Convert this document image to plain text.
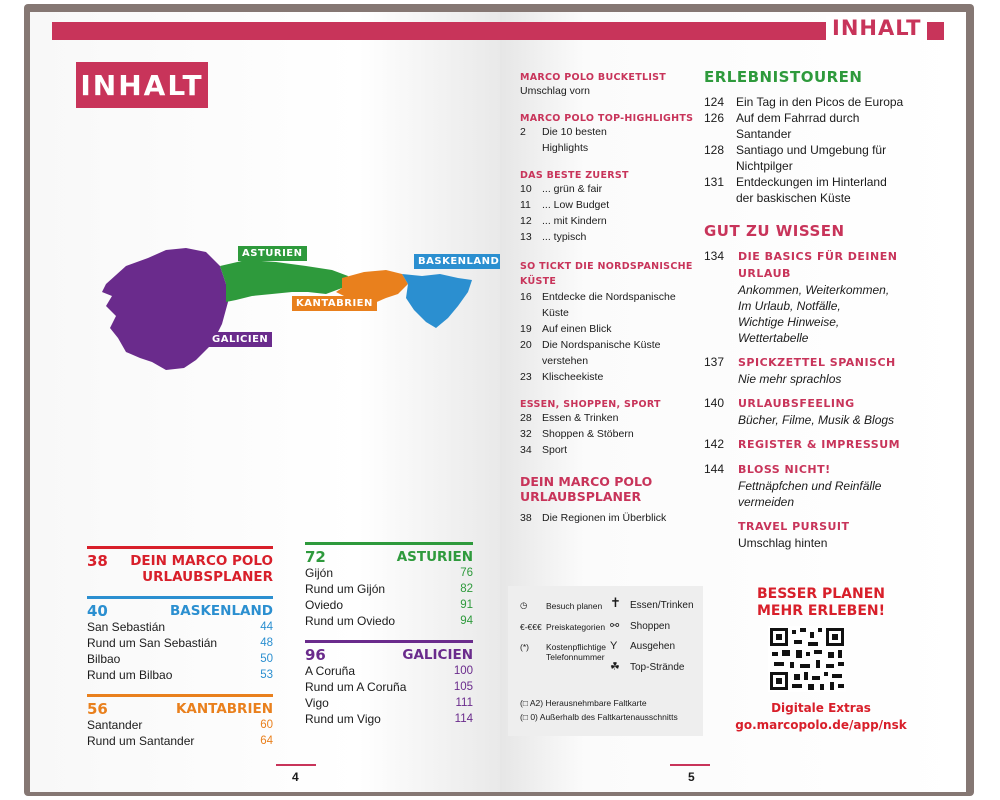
INHALT
ASTURIEN
BASKENLAND
KANTABRIEN
GALICIEN
38 DEIN MARCO POLO
URLAUBSPLANER
40	BASKENLAND
San Sebastián	44
Rund um San Sebastián	48
Bilbao	50
Rund um Bilbao	53
56	KANTABRIEN
Santander	60
Rund um Santander	64
72	ASTURIEN
Gijón	76
Rund um Gijón	82
Oviedo	91
Rund um Oviedo	94
96	GALICIEN
A Coruña	100
Rund um A Coruña	105
Vigo	111
Rund um Vigo	114
4
INHALT
MARCO POLO BUCKETLIST
Umschlag vorn
MARCO POLO TOP-HIGHLIGHTS
2	Die 10 besten
Highlights
DAS BESTE ZUERST
10 ... grün & fair
11	... Low Budget
12 ... mit Kindern
13 ... typisch
SO TICKT DIE NORDSPANISCHE
KÜSTE
16 Entdecke die Nordspanische
Küste
19 Auf einen Blick
20 Die Nordspanische Küste
verstehen
23 Klischeekiste
ESSEN, SHOPPEN, SPORT
28 Essen & Trinken
32 Shoppen & Stöbern
34 Sport
DEIN MARCO POLO
URLAUBSPLANER
38 Die Regionen im Überblick
◷ Besuch planen
€-€€€ Preiskategorien
(*) Kostenpflichtige
Telefonnummer
✝ Essen/Trinken
⚯ Shoppen
Y Ausgehen
☘ Top-Strände
(□ A2) Herausnehmbare Faltkarte
(□ 0) Außerhalb des Faltkartenausschnitts
ERLEBNISTOUREN
124 Ein Tag in den Picos de Europa
126 Auf dem Fahrrad durch
Santander
128 Santiago und Umgebung für
Nichtpilger
131 Entdeckungen im Hinterland
der baskischen Küste
GUT ZU WISSEN
134	DIE BASICS FÜR DEINEN
URLAUB
Ankommen, Weiterkommen,
Im Urlaub, Notfälle,
Wichtige Hinweise,
Wettertabelle
137	SPICKZETTEL SPANISCH
Nie mehr sprachlos
140	URLAUBSFEELING
Bücher, Filme, Musik & Blogs
142	REGISTER & IMPRESSUM
144	BLOSS NICHT!
Fettnäpfchen und Reinfälle
vermeiden
TRAVEL PURSUIT
Umschlag hinten
BESSER PLANEN
MEHR ERLEBEN!
Digitale Extras
go.marcopolo.de/app/nsk
5
